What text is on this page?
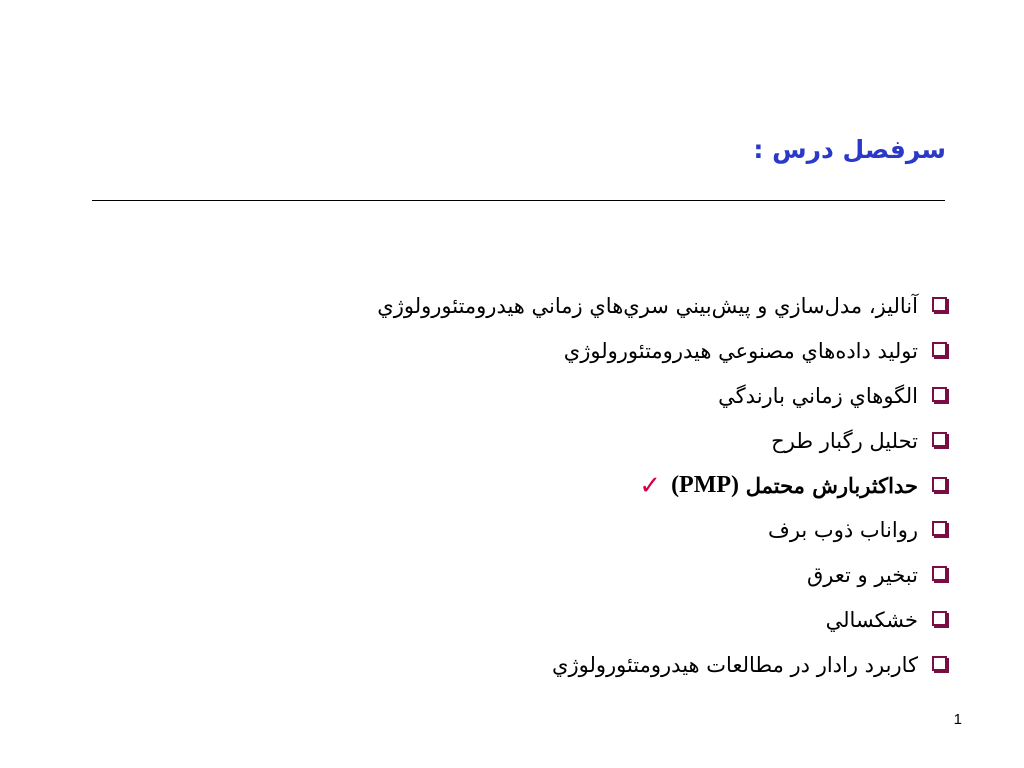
سرفصل درس :
آناليز، مدل‌سازي و پيش‌بيني سري‌هاي زماني هيدرومتئورولوژي
توليد داده‌هاي مصنوعي هيدرومتئورولوژي
الگوهاي زماني بارندگي
تحليل رگبار طرح
حداکثربارش محتمل

(PMP)
✓
رواناب ذوب برف
تبخير و تعرق
خشكسالي
كاربرد رادار در مطالعات هيدرومتئورولوژي
1
